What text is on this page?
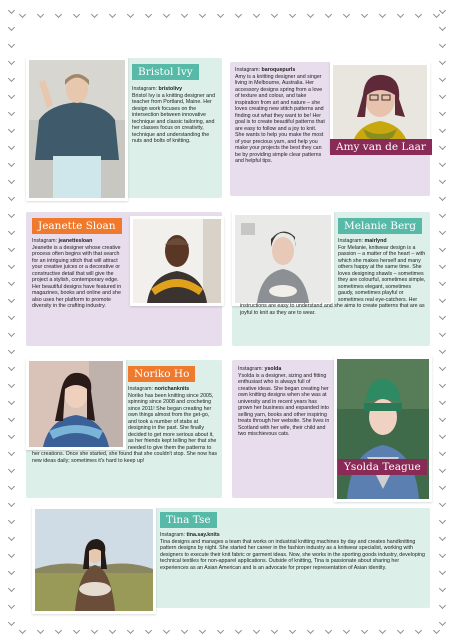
Bristol Ivy
Instagram: bristolivy
Bristol Ivy is a knitting designer and teacher from Portland, Maine. Her design work focuses on the intersection between innovative technique and classic tailoring, and her classes focus on creativity, technique and understanding the nuts and bolts of knitting.	Amy van de Laar
Instagram: baroquepurls
Amy is a knitting designer and singer living in Melbourne, Australia. Her accessory designs spring from a love of texture and colour, and take inspiration from art and nature – she loves creating new stitch patterns and finding out what they want to be! Her goal is to create beautiful patterns that are easy to follow and a joy to knit. She wants to help you make the most of your precious yarn, and help you make your projects the best they can be by providing simple clear patterns and helpful tips.
Jeanette Sloan
Instagram: jeanettesloan
Jeanette is a designer whose creative process often begins with that search for an intriguing stitch that will attract your creative juices or a decorative or constructive detail that will give the project a stylish, contemporary edge. Her beautiful designs have featured in magazines, books and online and she also uses her platform to promote diversity in the crafting industry.
Melanie Berg
Instagram: mairlynd
For Melanie, knitwear design is a passion – a matter of the heart – with which she makes herself and many others happy at the same time. She loves designing shawls – sometimes they are colourful, sometimes simple, sometimes elegant, sometimes gaudy, sometimes playful or sometimes real eye-catchers. Her instructions are easy to understand and she aims to create patterns that are as joyful to knit as they are to wear.
Noriko Ho
Instagram: norichanknits
Noriko has been knitting since 2005, spinning since 2008 and crocheting since 2011! She began creating her own things almost from the get-go, and took a number of stabs at designing in the past. She finally decided to get more serious about it, as her friends kept telling her that she needed to give them the patterns to her creations. Once she started, she found that she couldn't stop. She now has new ideas daily; sometimes it's hard to keep up!
Ysolda Teague
Instagram: ysolda
Ysolda is a designer, sizing and fitting enthusiast who is always full of creative ideas. She began creating her own knitting designs when she was at university and in recent years has grown her business and expanded into selling yarn, books and other inspiring treats through her website. She lives in Scotland with her wife, their child and two mischievous cats.
Tina Tse
Instagram: tina.say.knits
Tina designs and manages a team that works on industrial knitting machines by day and creates handknitting pattern designs by night. She started her career in the fashion industry as a knitwear specialist, working with designers to execute their knit fabric or garment ideas. Now, she works in the sporting goods industry, developing technical textiles for non-apparel applications. Outside of knitting, Tina is passionate about sharing her experiences as an Asian American and is an advocate for proper representation of Asian identity.
